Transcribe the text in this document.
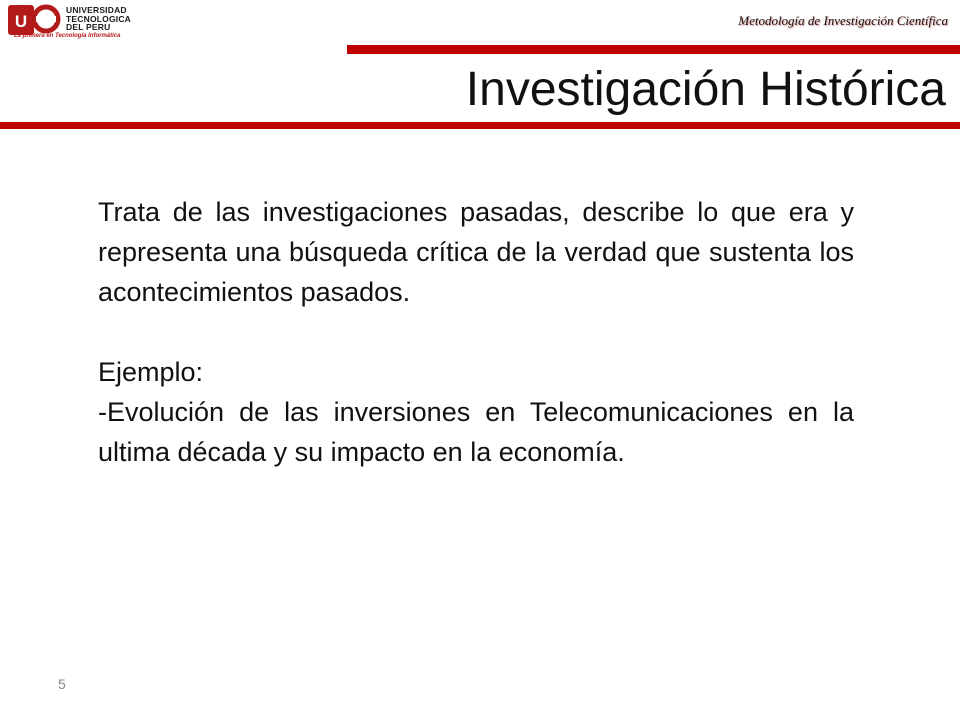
U
UNIVERSIDAD
TECNOLOGICA
DEL PERU
La primera en Tecnología Informática
Metodología de Investigación Científica
Investigación Histórica

Trata de las investigaciones pasadas, describe lo que era y representa una búsqueda crítica de la verdad que sustenta los acontecimientos pasados.

Ejemplo:

-Evolución de las inversiones en Telecomunicaciones en la ultima década y su impacto en la economía.

5
